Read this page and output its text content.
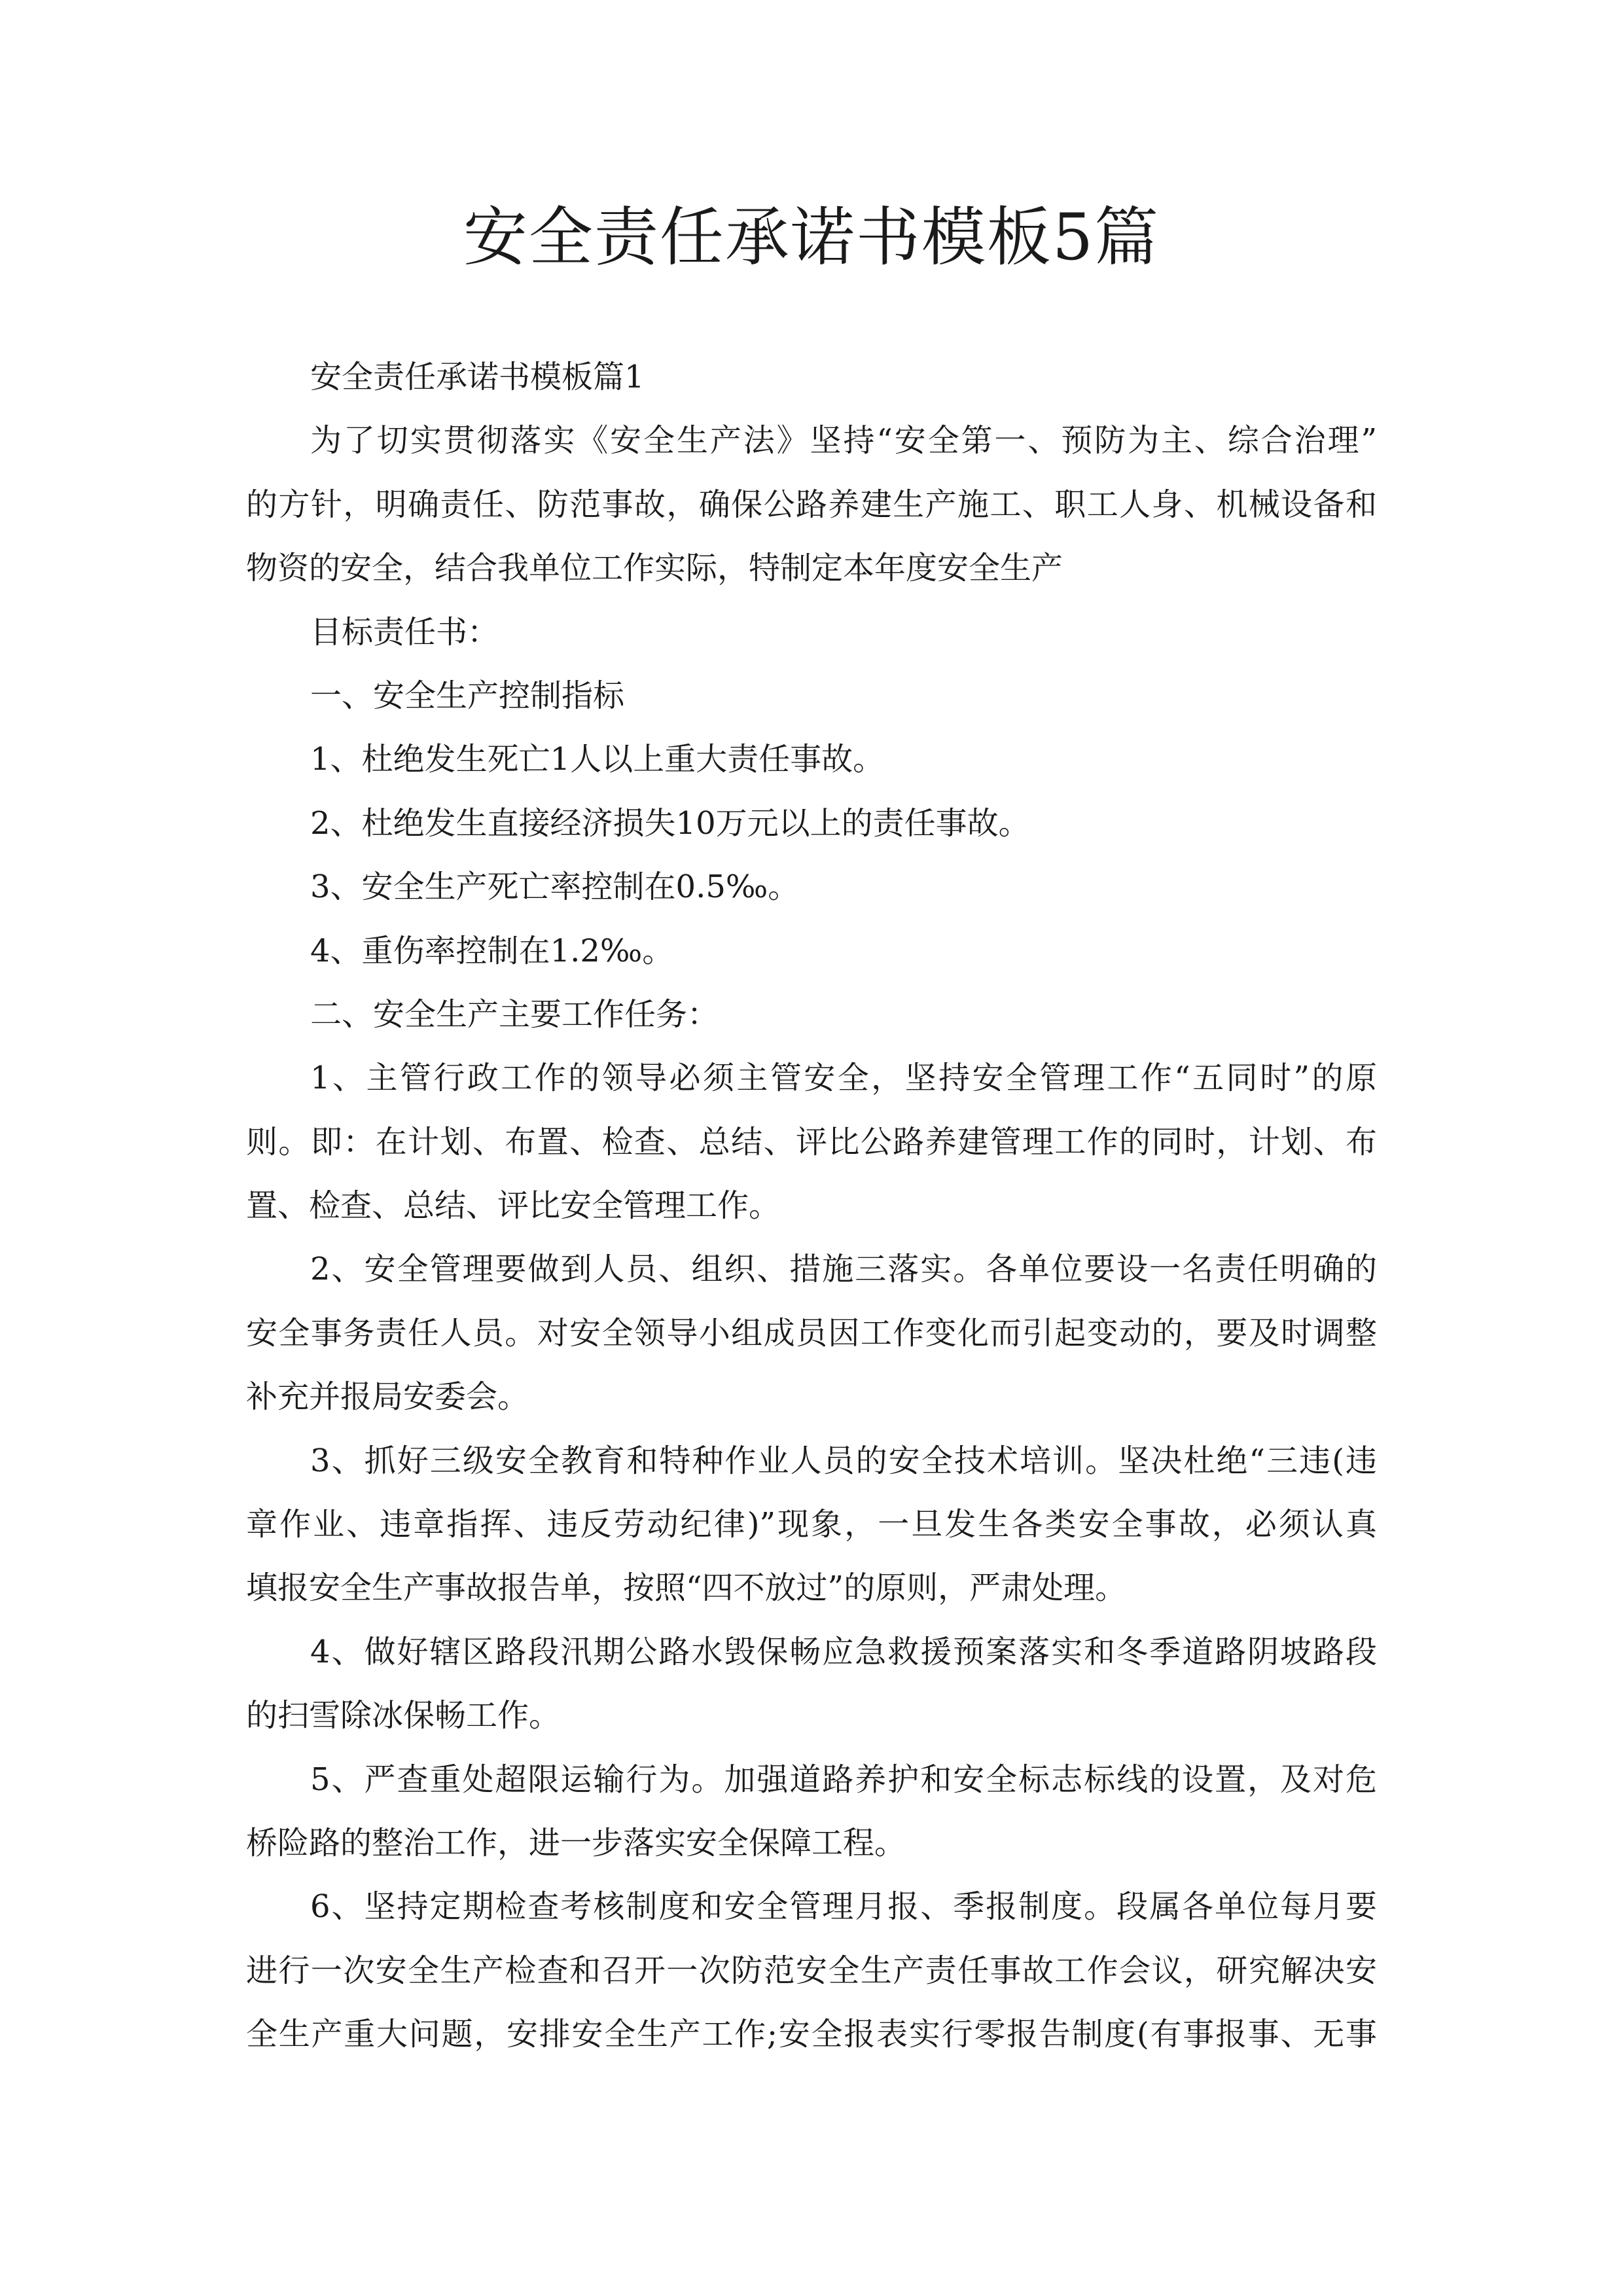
安全责任承诺书模板5篇
安全责任承诺书模板篇1
为了切实贯彻落实《安全生产法》坚持“安全第一、预防为主、综合治理”
的方针，明确责任、防范事故，确保公路养建生产施工、职工人身、机械设备和
物资的安全，结合我单位工作实际，特制定本年度安全生产
目标责任书：
一、安全生产控制指标
1、杜绝发生死亡1人以上重大责任事故。
2、杜绝发生直接经济损失10万元以上的责任事故。
3、安全生产死亡率控制在0.5‰。
4、重伤率控制在1.2‰。
二、安全生产主要工作任务：
1、主管行政工作的领导必须主管安全，坚持安全管理工作“五同时”的原
则。即：在计划、布置、检查、总结、评比公路养建管理工作的同时，计划、布
置、检查、总结、评比安全管理工作。
2、安全管理要做到人员、组织、措施三落实。各单位要设一名责任明确的
安全事务责任人员。对安全领导小组成员因工作变化而引起变动的，要及时调整
补充并报局安委会。
3、抓好三级安全教育和特种作业人员的安全技术培训。坚决杜绝“三违(违
章作业、违章指挥、违反劳动纪律)”现象，一旦发生各类安全事故，必须认真
填报安全生产事故报告单，按照“四不放过”的原则，严肃处理。
4、做好辖区路段汛期公路水毁保畅应急救援预案落实和冬季道路阴坡路段
的扫雪除冰保畅工作。
5、严查重处超限运输行为。加强道路养护和安全标志标线的设置，及对危
桥险路的整治工作，进一步落实安全保障工程。
6、坚持定期检查考核制度和安全管理月报、季报制度。段属各单位每月要
进行一次安全生产检查和召开一次防范安全生产责任事故工作会议，研究解决安
全生产重大问题，安排安全生产工作;安全报表实行零报告制度(有事报事、无事
